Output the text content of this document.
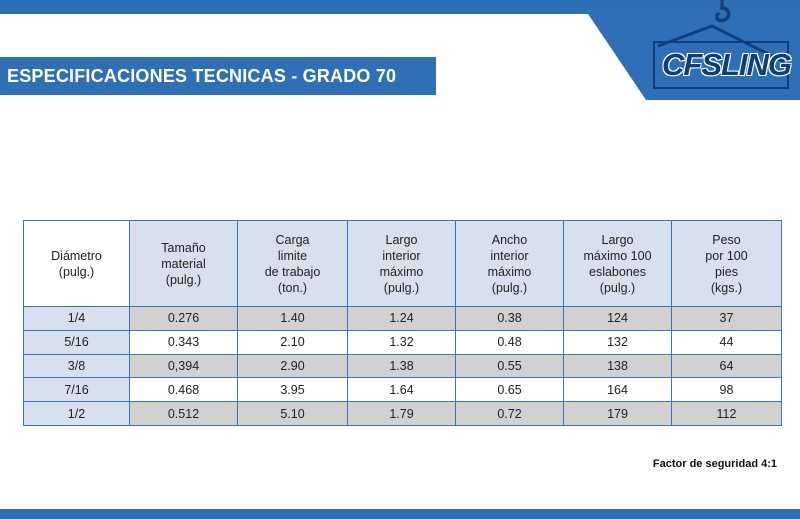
ESPECIFICACIONES TECNICAS - GRADO 70	CFSLING
Diámetro
(pulg.)	Tamaño
material
(pulg.)	Carga
limite
de trabajo
(ton.)	Largo
interior
máximo
(pulg.)	Ancho
interior
máximo
(pulg.)	Largo
máximo 100
eslabones
(pulg.)	Peso
por 100
pies
(kgs.)

1/4	0.276	1.40	1.24	0.38	124	37
5/16	0.343	2.10	1.32	0.48	132	44
3/8	0,394	2.90	1.38	0.55	138	64
7/16	0.468	3.95	1.64	0.65	164	98
1/2	0.512	5.10	1.79	0.72	179	112
Factor de seguridad 4:1
